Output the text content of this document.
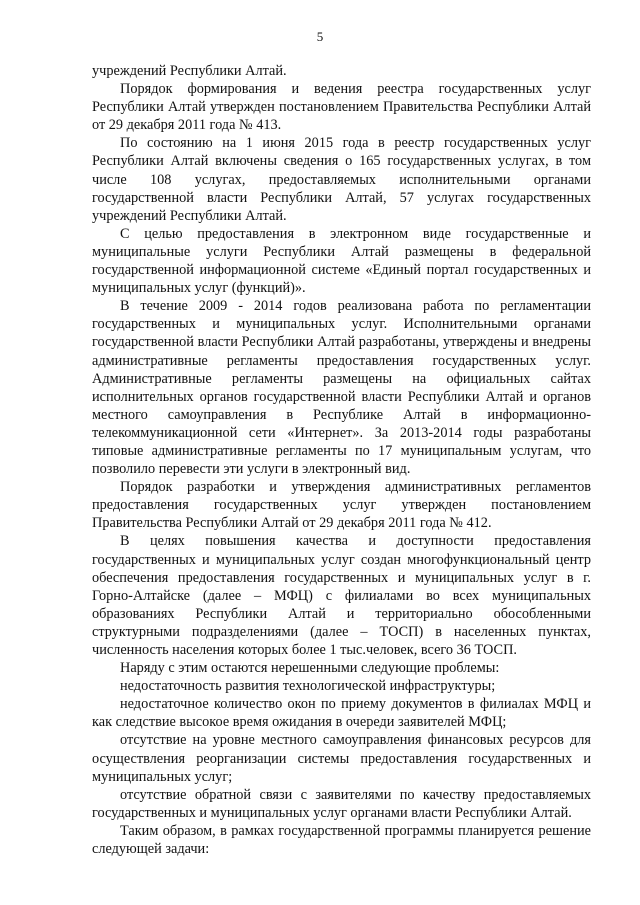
5

учреждений Республики Алтай.

Порядок формирования и ведения реестра государственных услуг Республики Алтай утвержден постановлением Правительства Республики Алтай от 29 декабря 2011 года № 413.

По состоянию на 1 июня 2015 года в реестр государственных услуг Республики Алтай включены сведения о 165 государственных услугах, в том числе 108 услугах, предоставляемых исполнительными органами государственной власти Республики Алтай, 57 услугах государственных учреждений Республики Алтай.

С целью предоставления в электронном виде государственные и муниципальные услуги Республики Алтай размещены в федеральной государственной информационной системе «Единый портал государственных и муниципальных услуг (функций)».

В течение 2009 - 2014 годов реализована работа по регламентации государственных и муниципальных услуг. Исполнительными органами государственной власти Республики Алтай разработаны, утверждены и внедрены административные регламенты предоставления государственных услуг. Административные регламенты размещены на официальных сайтах исполнительных органов государственной власти Республики Алтай и органов местного самоуправления в Республике Алтай в информационно-телекоммуникационной сети «Интернет». За 2013-2014 годы разработаны типовые административные регламенты по 17 муниципальным услугам, что позволило перевести эти услуги в электронный вид.

Порядок разработки и утверждения административных регламентов предоставления государственных услуг утвержден постановлением Правительства Республики Алтай от 29 декабря 2011 года № 412.

В целях повышения качества и доступности предоставления государственных и муниципальных услуг создан многофункциональный центр обеспечения предоставления государственных и муниципальных услуг в г. Горно-Алтайске (далее – МФЦ) с филиалами во всех муниципальных образованиях Республики Алтай и территориально обособленными структурными подразделениями (далее – ТОСП) в населенных пунктах, численность населения которых более 1 тыс.человек, всего 36 ТОСП.

Наряду с этим остаются нерешенными следующие проблемы:

недостаточность развития технологической инфраструктуры;

недостаточное количество окон по приему документов в филиалах МФЦ и как следствие высокое время ожидания в очереди заявителей МФЦ;

отсутствие на уровне местного самоуправления финансовых ресурсов для осуществления реорганизации системы предоставления государственных и муниципальных услуг;

отсутствие обратной связи с заявителями по качеству предоставляемых государственных и муниципальных услуг органами власти Республики Алтай.

Таким образом, в рамках государственной программы планируется решение следующей задачи:
